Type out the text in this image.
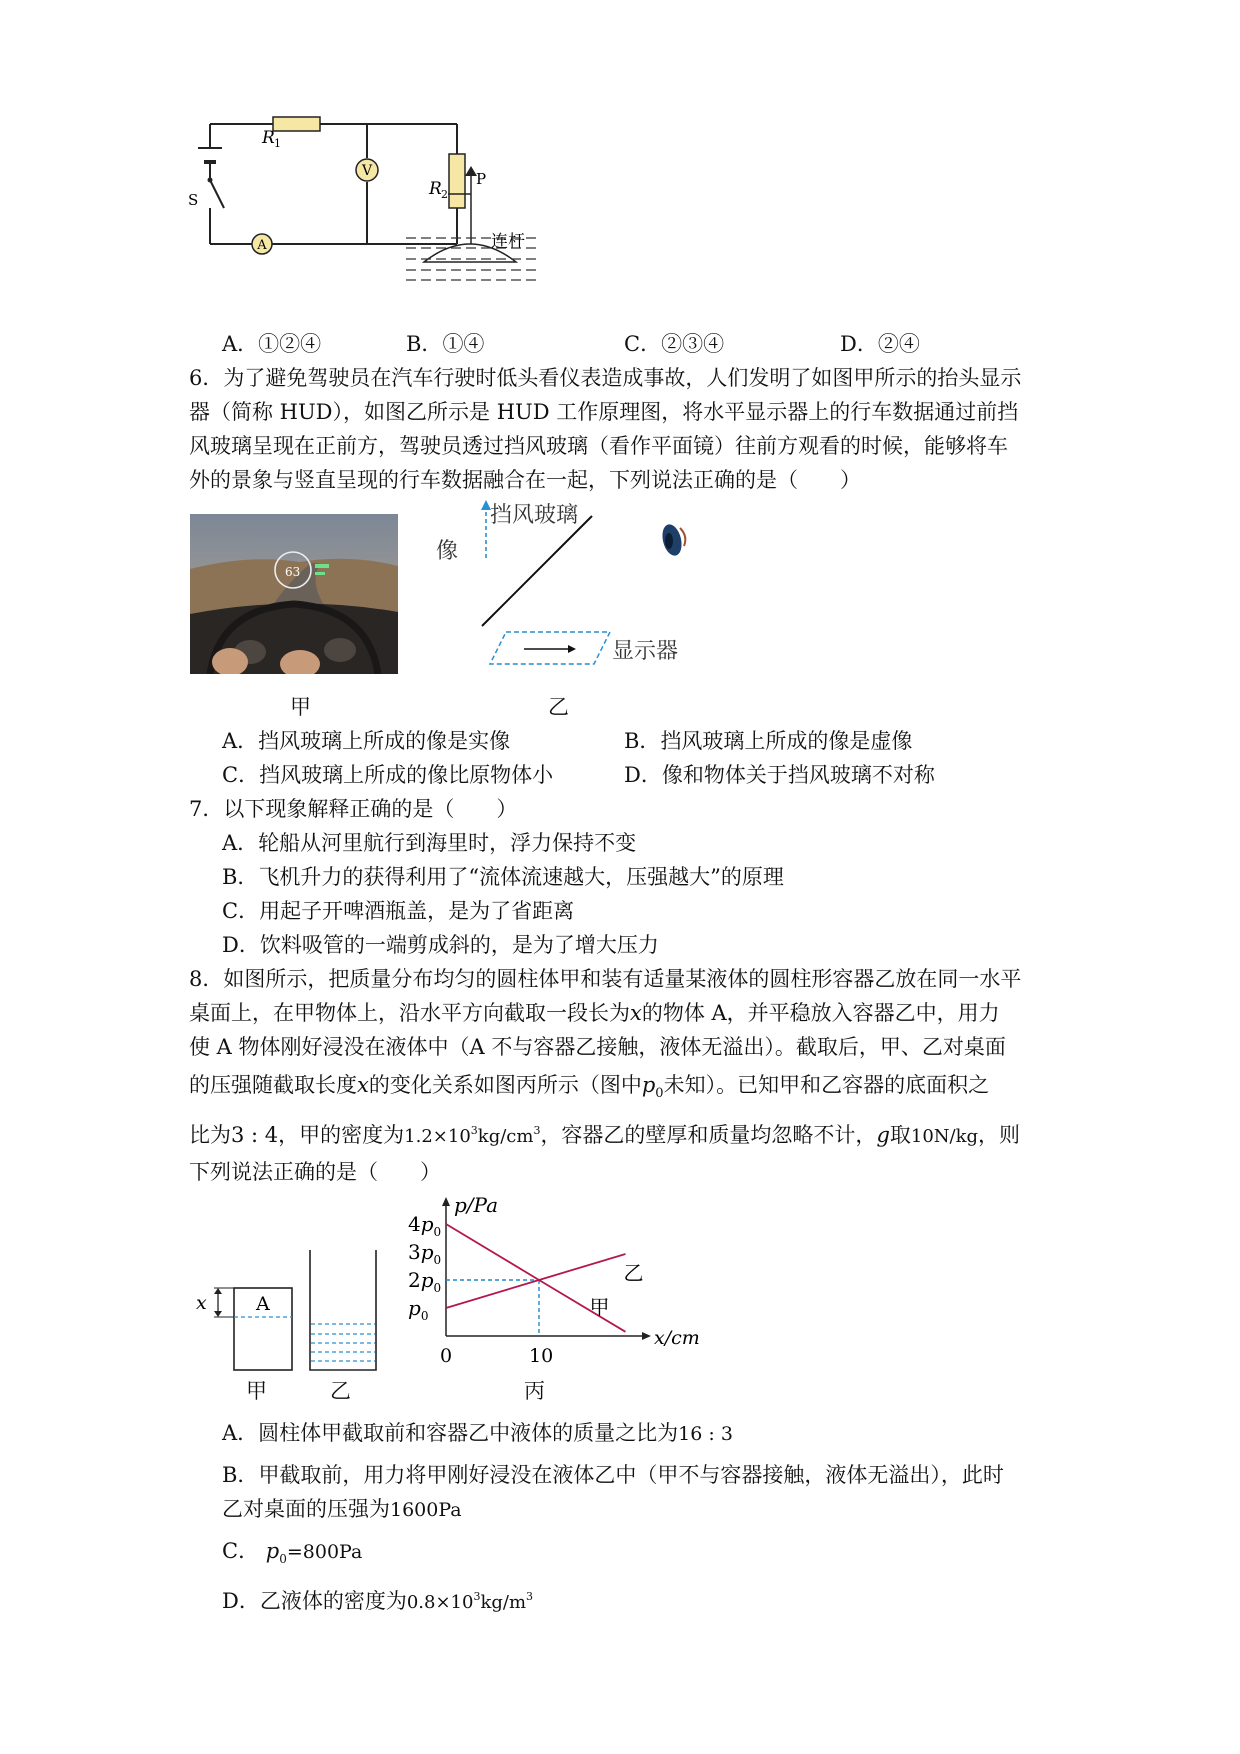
V
A
R 1
R 2
P
S
连杆
A．①②④	B．①④	C．②③④	D．②④
6．为了避免驾驶员在汽车行驶时低头看仪表造成事故，人们发明了如图甲所示的抬头显示
器（简称 HUD），如图乙所示是 HUD 工作原理图，将水平显示器上的行车数据通过前挡
风玻璃呈现在正前方，驾驶员透过挡风玻璃（看作平面镜）往前方观看的时候，能够将车
外的景象与竖直呈现的行车数据融合在一起，下列说法正确的是（　　）
63
挡风玻璃
像
显示器
甲	乙
A．挡风玻璃上所成的像是实像	B．挡风玻璃上所成的像是虚像
C．挡风玻璃上所成的像比原物体小	D．像和物体关于挡风玻璃不对称
7．以下现象解释正确的是（　　）
A．轮船从河里航行到海里时，浮力保持不变
B．飞机升力的获得利用了“流体流速越大，压强越大”的原理
C．用起子开啤酒瓶盖，是为了省距离
D．饮料吸管的一端剪成斜的，是为了增大压力
8．如图所示，把质量分布均匀的圆柱体甲和装有适量某液体的圆柱形容器乙放在同一水平
桌面上，在甲物体上，沿水平方向截取一段长为x的物体 A，并平稳放入容器乙中，用力
使 A 物体刚好浸没在液体中（A 不与容器乙接触，液体无溢出）。截取后，甲、乙对桌面
的压强随截取长度x的变化关系如图丙所示（图中$p_0$未知）。已知甲和乙容器的底面积之
比为3 : 4，甲的密度为$1.2\times 10^3kg/cm^3$，容器乙的壁厚和质量均忽略不计，g取10N/kg，则
下列说法正确的是（　　）
A
x
甲	乙
$p_0$
$2p_0$
$3p_0$
$4p_0$
甲
乙
p/Pa
x/cm
0	10
丙
A．圆柱体甲截取前和容器乙中液体的质量之比为16 : 3
B．甲截取前，用力将甲刚好浸没在液体乙中（甲不与容器接触，液体无溢出），此时
乙对桌面的压强为1600Pa
C． $p_0=800Pa$
D．乙液体的密度为$0.8\times 10^3kg/m^3$
